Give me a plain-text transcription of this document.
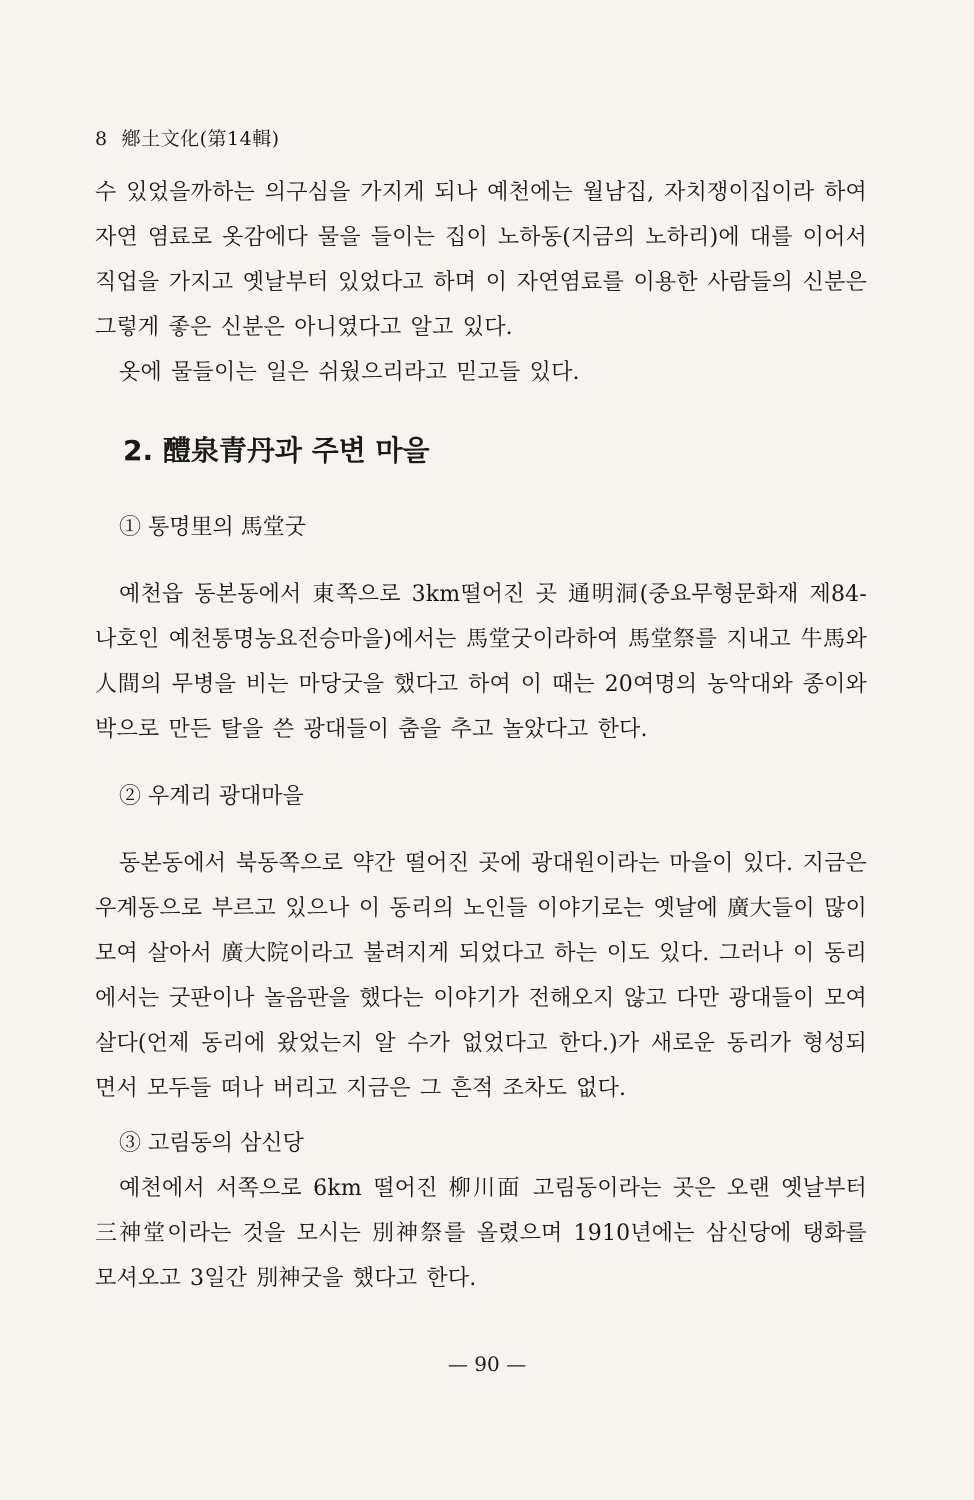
8 鄕土文化(第14輯)

수 있었을까하는 의구심을 가지게 되나 예천에는 월남집, 자치쟁이집이라 하여 자연 염료로 옷감에다 물을 들이는 집이 노하동(지금의 노하리)에 대를 이어서 직업을 가지고 옛날부터 있었다고 하며 이 자연염료를 이용한 사람들의 신분은 그렇게 좋은 신분은 아니였다고 알고 있다.

옷에 물들이는 일은 쉬웠으리라고 믿고들 있다.

2. 醴泉青丹과 주변 마을

① 통명里의 馬堂굿

예천읍 동본동에서 東쪽으로 3km떨어진 곳 通明洞(중요무형문화재 제84-나호인 예천통명농요전승마을)에서는 馬堂굿이라하여 馬堂祭를 지내고 牛馬와 人間의 무병을 비는 마당굿을 했다고 하여 이 때는 20여명의 농악대와 종이와 박으로 만든 탈을 쓴 광대들이 춤을 추고 놀았다고 한다.

② 우계리 광대마을

동본동에서 북동쪽으로 약간 떨어진 곳에 광대원이라는 마을이 있다. 지금은 우계동으로 부르고 있으나 이 동리의 노인들 이야기로는 옛날에 廣大들이 많이 모여 살아서 廣大院이라고 불려지게 되었다고 하는 이도 있다. 그러나 이 동리에서는 굿판이나 놀음판을 했다는 이야기가 전해오지 않고 다만 광대들이 모여 살다(언제 동리에 왔었는지 알 수가 없었다고 한다.)가 새로운 동리가 형성되면서 모두들 떠나 버리고 지금은 그 흔적 조차도 없다.

③ 고림동의 삼신당

예천에서 서쪽으로 6km 떨어진 柳川面 고림동이라는 곳은 오랜 옛날부터 三神堂이라는 것을 모시는 別神祭를 올렸으며 1910년에는 삼신당에 탱화를 모셔오고 3일간 別神굿을 했다고 한다.

— 90 —
